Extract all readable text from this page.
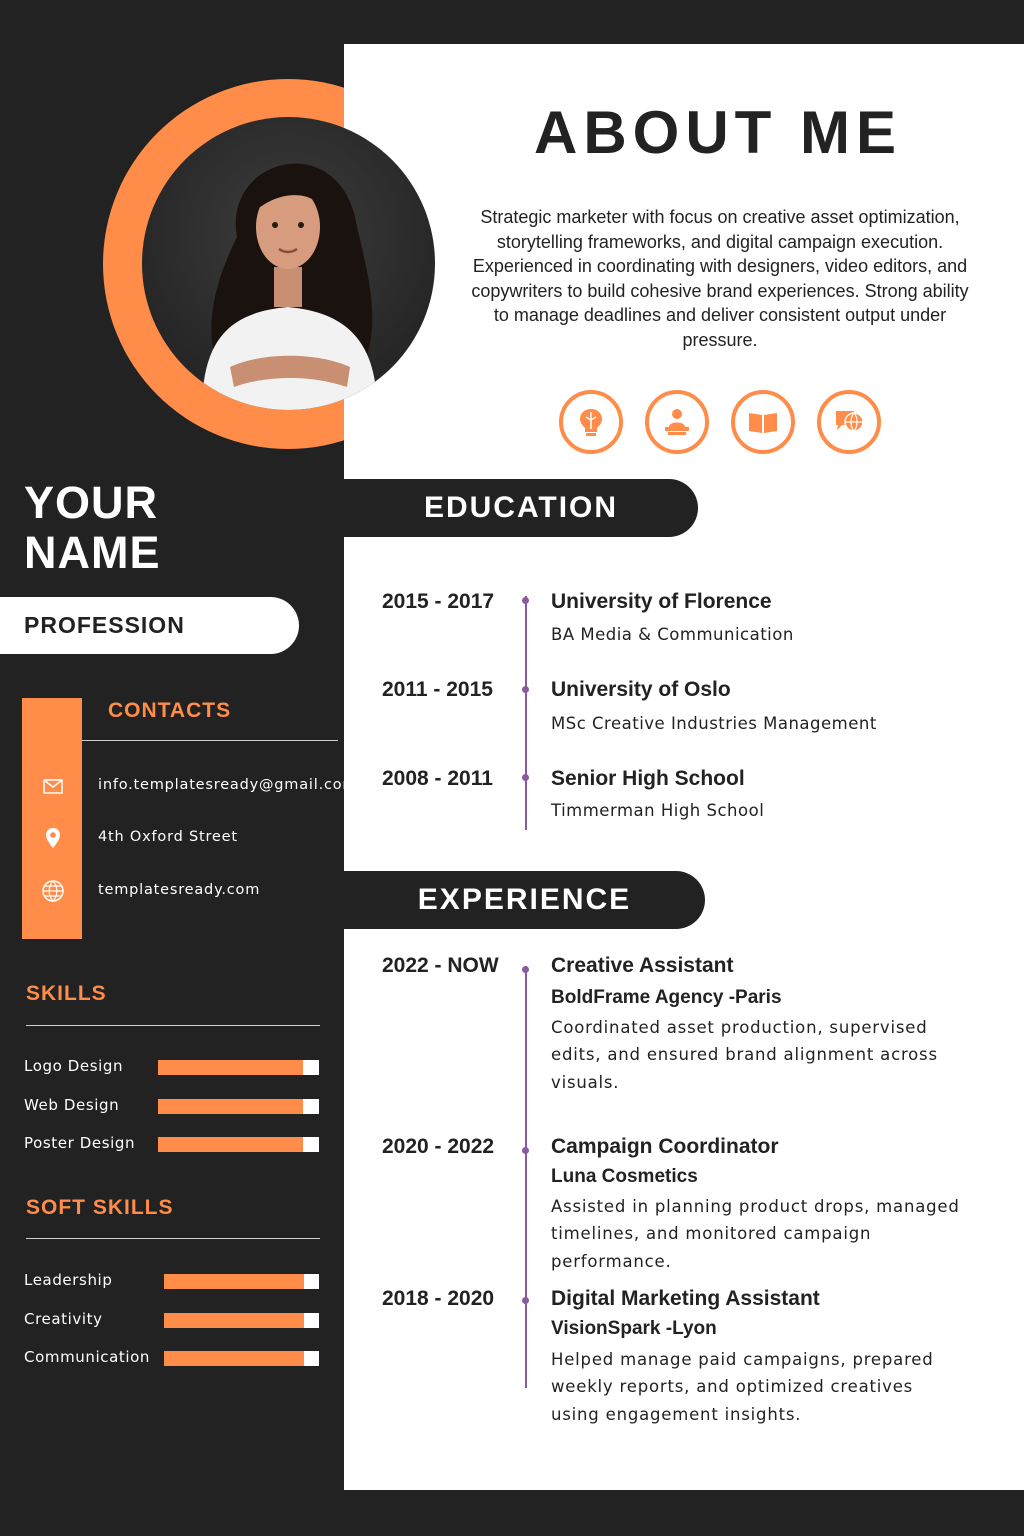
ABOUT ME
Strategic marketer with focus on creative asset optimization, storytelling frameworks, and digital campaign execution. Experienced in coordinating with designers, video editors, and copywriters to build cohesive brand experiences. Strong ability to manage deadlines and deliver consistent output under pressure.
YOUR
NAME
PROFESSION
CONTACTS
info.templatesready@gmail.com
4th Oxford Street
templatesready.com
SKILLS
Logo Design
Web Design
Poster Design
SOFT SKILLS
Leadership
Creativity
Communication
EDUCATION
2015 - 2017	University of Florence
BA Media & Communication
2011 - 2015	University of Oslo
MSc Creative Industries Management
2008 - 2011	Senior High School
Timmerman High School
EXPERIENCE
2022 - NOW Creative Assistant
BoldFrame Agency -Paris
Coordinated asset production, supervised edits, and ensured brand alignment across visuals.
2020 - 2022	Campaign Coordinator
Luna Cosmetics
Assisted in planning product drops, managed timelines, and monitored campaign performance.
2018 - 2020	Digital Marketing Assistant
VisionSpark -Lyon
Helped manage paid campaigns, prepared weekly reports, and optimized creatives using engagement insights.
